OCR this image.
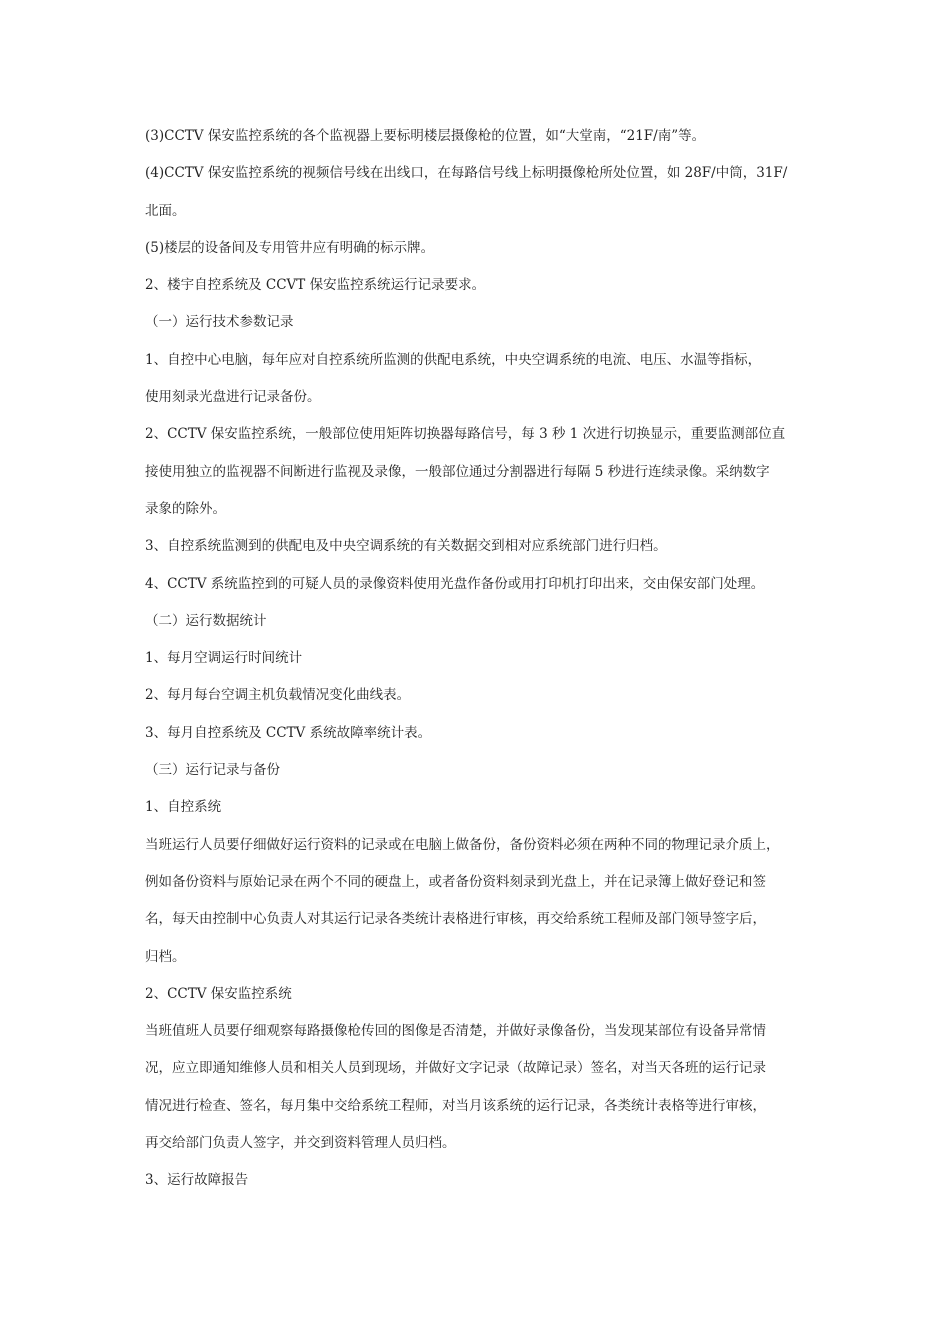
(3)CCTV 保安监控系统的各个监视器上要标明楼层摄像枪的位置，如“大堂南，“21F/南”等。
(4)CCTV 保安监控系统的视频信号线在出线口，在每路信号线上标明摄像枪所处位置，如 28F/中筒，31F/
北面。
(5)楼层的设备间及专用管井应有明确的标示牌。
2、楼宇自控系统及 CCVT 保安监控系统运行记录要求。
（一）运行技术参数记录
1、自控中心电脑，每年应对自控系统所监测的供配电系统，中央空调系统的电流、电压、水温等指标，
使用刻录光盘进行记录备份。
2、CCTV 保安监控系统，一般部位使用矩阵切换器每路信号，每 3 秒 1 次进行切换显示，重要监测部位直
接使用独立的监视器不间断进行监视及录像，一般部位通过分割器进行每隔 5 秒进行连续录像。采纳数字
录象的除外。
3、自控系统监测到的供配电及中央空调系统的有关数据交到相对应系统部门进行归档。
4、CCTV 系统监控到的可疑人员的录像资料使用光盘作备份或用打印机打印出来，交由保安部门处理。
（二）运行数据统计
1、每月空调运行时间统计
2、每月每台空调主机负载情况变化曲线表。
3、每月自控系统及 CCTV 系统故障率统计表。
（三）运行记录与备份
1、自控系统
当班运行人员要仔细做好运行资料的记录或在电脑上做备份，备份资料必须在两种不同的物理记录介质上，
例如备份资料与原始记录在两个不同的硬盘上，或者备份资料刻录到光盘上，并在记录簿上做好登记和签
名，每天由控制中心负责人对其运行记录各类统计表格进行审核，再交给系统工程师及部门领导签字后，
归档。
2、CCTV 保安监控系统
当班值班人员要仔细观察每路摄像枪传回的图像是否清楚，并做好录像备份，当发现某部位有设备异常情
况，应立即通知维修人员和相关人员到现场，并做好文字记录（故障记录）签名，对当天各班的运行记录
情况进行检查、签名，每月集中交给系统工程师，对当月该系统的运行记录，各类统计表格等进行审核，
再交给部门负责人签字，并交到资料管理人员归档。
3、运行故障报告
